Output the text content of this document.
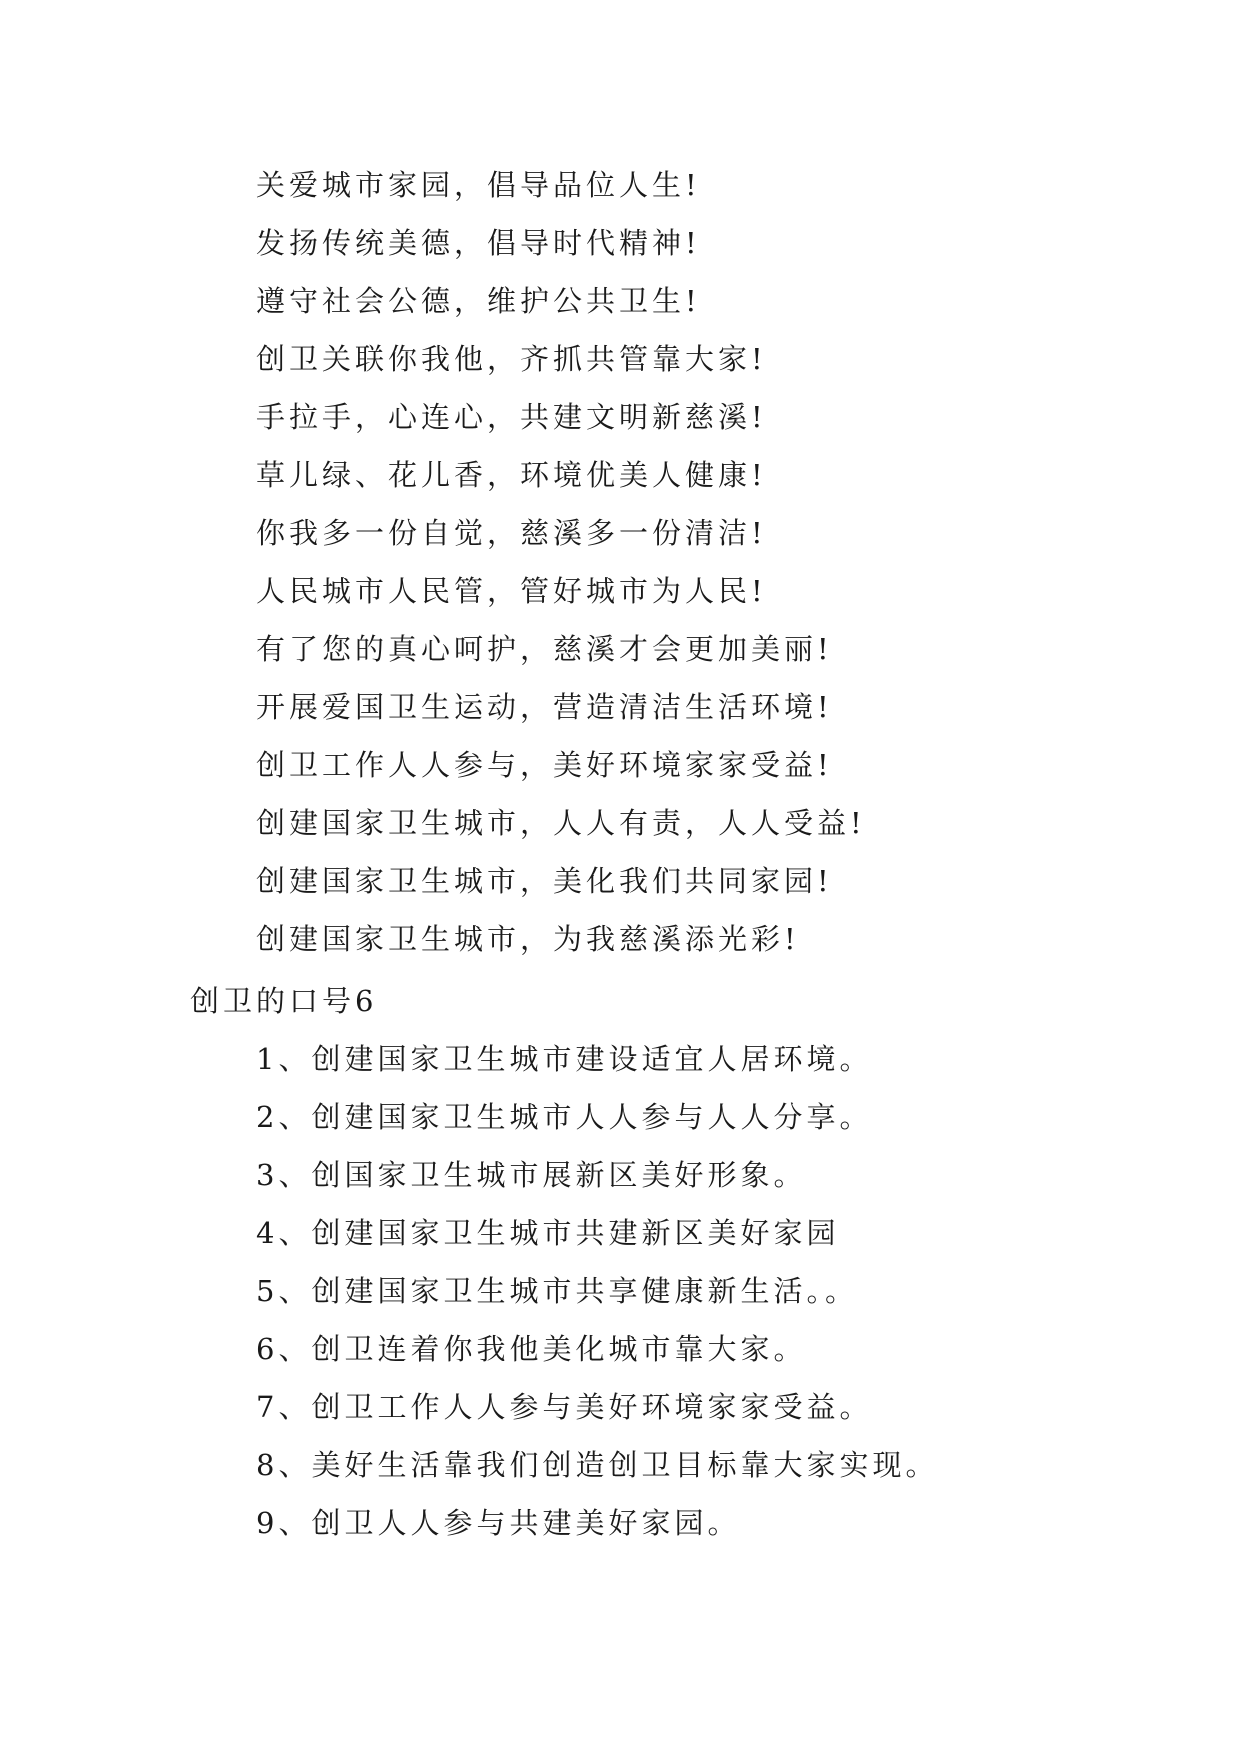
关爱城市家园，倡导品位人生!
发扬传统美德，倡导时代精神!
遵守社会公德，维护公共卫生!
创卫关联你我他，齐抓共管靠大家!
手拉手，心连心，共建文明新慈溪!
草儿绿、花儿香，环境优美人健康!
你我多一份自觉，慈溪多一份清洁!
人民城市人民管，管好城市为人民!
有了您的真心呵护，慈溪才会更加美丽!
开展爱国卫生运动，营造清洁生活环境!
创卫工作人人参与，美好环境家家受益!
创建国家卫生城市，人人有责，人人受益!
创建国家卫生城市，美化我们共同家园!
创建国家卫生城市，为我慈溪添光彩!
创卫的口号6
1、创建国家卫生城市建设适宜人居环境。
2、创建国家卫生城市人人参与人人分享。
3、创国家卫生城市展新区美好形象。
4、创建国家卫生城市共建新区美好家园
5、创建国家卫生城市共享健康新生活。。
6、创卫连着你我他美化城市靠大家。
7、创卫工作人人参与美好环境家家受益。
8、美好生活靠我们创造创卫目标靠大家实现。
9、创卫人人参与共建美好家园。
